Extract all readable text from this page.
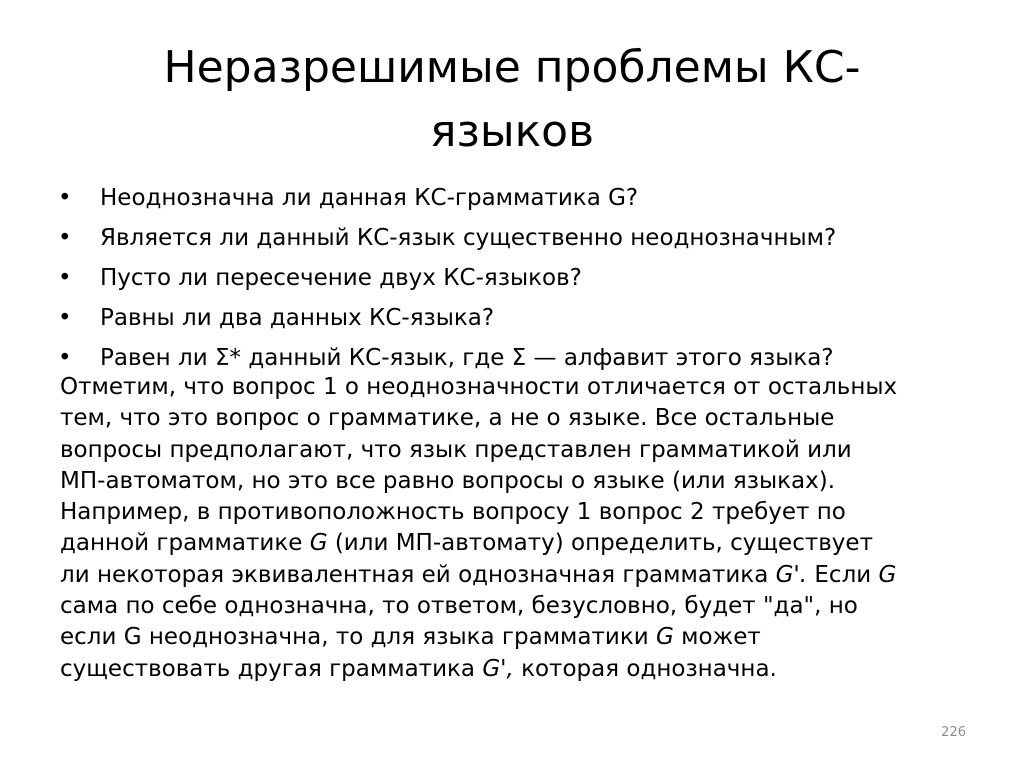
Неразрешимые проблемы КС-
языков
• Неоднозначна ли данная КС-грамматика G?
• Является ли данный КС-язык существенно неоднозначным?
• Пусто ли пересечение двух КС-языков?
• Равны ли два данных КС-языка?
• Равен ли Σ* данный КС-язык, где Σ — алфавит этого языка?

Отметим, что вопрос 1 о неоднозначности отличается от остальных
тем, что это вопрос о грамматике, а не о языке. Все остальные
вопросы предполагают, что язык представлен грамматикой или
МП-автоматом, но это все равно вопросы о языке (или языках).
Например, в противоположность вопросу 1 вопрос 2 требует по
данной грамматике G (или МП-автомату) определить, существует
ли некоторая эквивалентная ей однозначная грамматика G'. Если G
сама по себе однозначна, то ответом, безусловно, будет "да", но
если G неоднозначна, то для языка грамматики G может
существовать другая грамматика G', которая однозначна.

226
